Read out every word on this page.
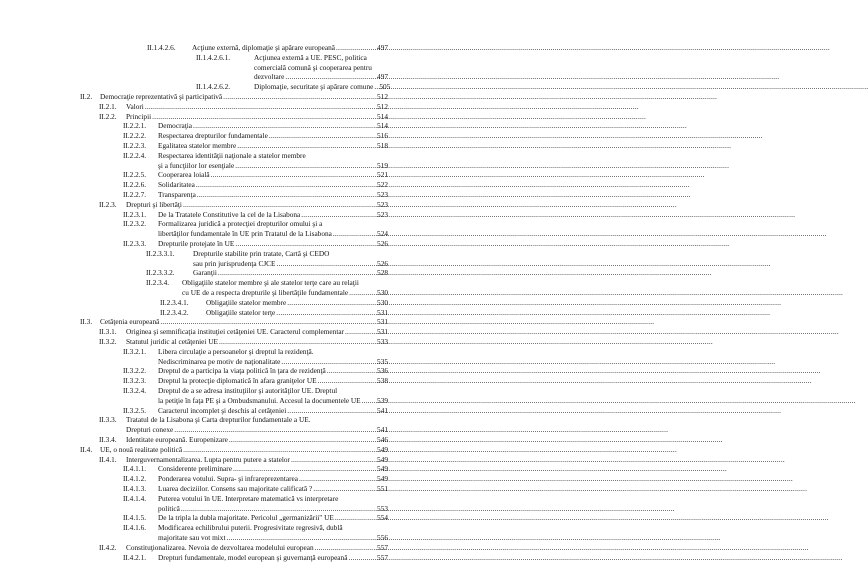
II.1.4.2.6. Acţiune externă, diplomaţie şi apărare europeană .....	497
II.1.4.2.6.1.	Acţiunea externă a UE. PESC, politica
comercială comună şi cooperarea pentru
dezvoltare .....	497
II.1.4.2.6.2.	Diplomaţie, securitate şi apărare comune ..... 505
II.2. Democraţie reprezentativă şi participativă .....	512
II.2.1. Valori .....	512
II.2.2. Principii .....	514
II.2.2.1. Democraţia .....	514
II.2.2.2. Respectarea drepturilor fundamentale .....	516
II.2.2.3. Egalitatea statelor membre .....	518
II.2.2.4. Respectarea identităţii naţionale a statelor membre
şi a funcţiilor lor esenţiale .....	519
II.2.2.5. Cooperarea loială .....	521
II.2.2.6. Solidaritatea .....	522
II.2.2.7. Transparenţa .....	523
II.2.3. Drepturi şi libertăţi .....	523
II.2.3.1. De la Tratatele Constitutive la cel de la Lisabona .....	523
II.2.3.2. Formalizarea juridică a protecţiei drepturilor omului şi a
libertăţilor fundamentale în UE prin Tratatul de la Lisabona .....	524
II.2.3.3. Drepturile protejate în UE .....	526
II.2.3.3.1.	Drepturile stabilite prin tratate, Cartă şi CEDO
sau prin jurisprudenţa CJCE .....	526
II.2.3.3.2.	Garanţii .....	528
II.2.3.4. Obligaţiile statelor membre şi ale statelor terţe care au relaţii
cu UE de a respecta drepturile şi libertăţile fundamentale .....	530
II.2.3.4.1. Obligaţiile statelor membre .....	530
II.2.3.4.2. Obligaţiile statelor terţe .....	531
II.3. Cetăţenia europeană .....	531
II.3.1. Originea şi semnificaţia instituţiei cetăţeniei UE. Caracterul complementar .....	531
II.3.2. Statutul juridic al cetăţeniei UE .....	533
II.3.2.1. Libera circulaţie a persoanelor şi dreptul la rezidenţă.
Nediscriminarea pe motiv de naţionalitate .....	535
II.3.2.2. Dreptul de a participa la viaţa politică în ţara de rezidenţă .....	536
II.3.2.3. Dreptul la protecţie diplomatică în afara graniţelor UE .....	538
II.3.2.4. Dreptul de a se adresa instituţiilor şi autorităţilor UE. Dreptul
la petiţie în faţa PE şi a Ombudsmanului. Accesul la documentele UE ..... 539
II.3.2.5. Caracterul incomplet şi deschis al cetăţeniei .....	541
II.3.3. Tratatul de la Lisabona şi Carta drepturilor fundamentale a UE.
Drepturi conexe .....	541
II.3.4. Identitate europeană. Europenizare .....	546
II.4. UE, o nouă realitate politică .....	549
II.4.1. Interguvernamentalizarea. Lupta pentru putere a statelor .....	549
II.4.1.1. Considerente preliminare .....	549
II.4.1.2. Ponderarea votului. Supra- şi infrareprezentarea .....	549
II.4.1.3. Luarea deciziilor. Consens sau majoritate calificată ? .....	551
II.4.1.4. Puterea votului în UE. Interpretare matematică vs interpretare
politică .....	553
II.4.1.5. De la tripla la dubla majoritate. Pericolul „germanizării" UE .....	554
II.4.1.6. Modificarea echilibrului puterii. Progresivitate regresivă, dublă
majoritate sau vot mixt .....	556
II.4.2. Constituţionalizarea. Nevoia de dezvoltarea modelului european .....	557
II.4.2.1. Drepturi fundamentale, model european şi guvernanţă europeană .....	557
